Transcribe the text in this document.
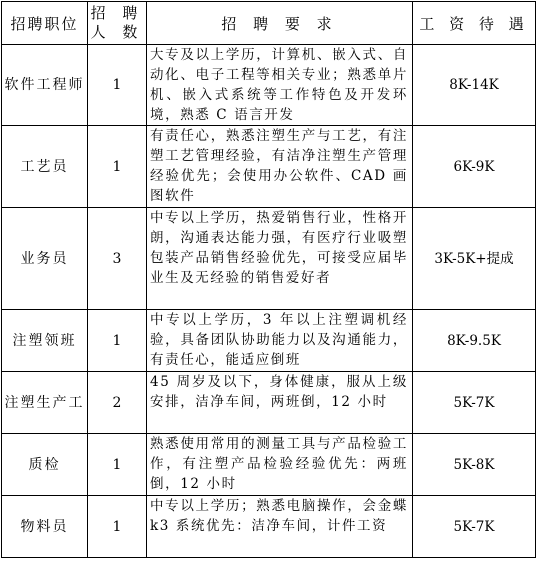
招聘职位	招 聘 人 数	招 聘 要 求	工 资 待 遇
软件工程师	1	大专及以上学历，计算机、嵌入式、自动化、电子工程等相关专业；熟悉单片机、嵌入式系统等工作特色及开发环境，熟悉 C 语言开发	8K-14K
工艺员	1	有责任心，熟悉注塑生产与工艺，有注塑工艺管理经验，有洁净注塑生产管理经验优先；会使用办公软件、CAD 画图软件	6K-9K
业务员	3	中专以上学历，热爱销售行业，性格开朗，沟通表达能力强，有医疗行业吸塑包装产品销售经验优先，可接受应届毕业生及无经验的销售爱好者	3K-5K+提成
注塑领班	1	中专以上学历，3 年以上注塑调机经验，具备团队协助能力以及沟通能力，有责任心，能适应倒班	8K-9.5K
注塑生产工	2	45 周岁及以下，身体健康，服从上级安排，洁净车间，两班倒，12 小时	5K-7K
质检	1	熟悉使用常用的测量工具与产品检验工作，有注塑产品检验经验优先：两班倒，12 小时	5K-8K
物料员	1	中专以上学历；熟悉电脑操作，会金蝶 k3 系统优先：洁净车间，计件工资	5K-7K
